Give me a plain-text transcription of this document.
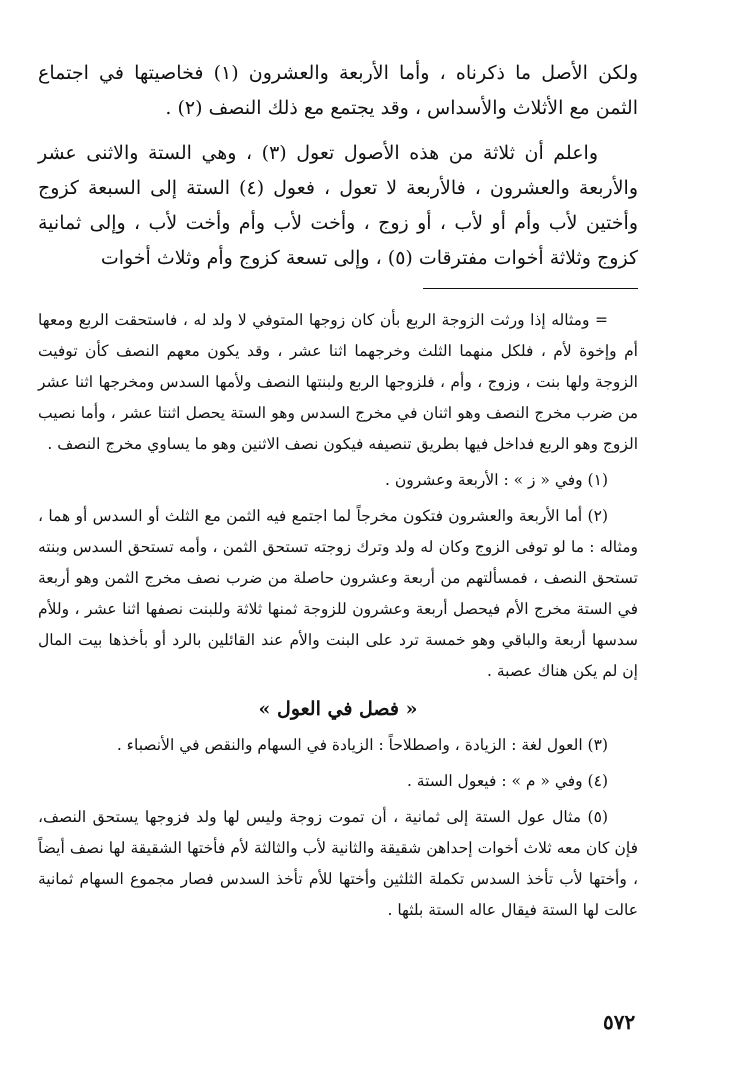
ولكن الأصل ما ذكرناه ، وأما الأربعة والعشرون (١) فخاصيتها في اجتماع الثمن مع الأثلاث والأسداس ، وقد يجتمع مع ذلك النصف (٢) .

واعلم أن ثلاثة من هذه الأصول تعول (٣) ، وهي الستة والاثنى عشر والأربعة والعشرون ، فالأربعة لا تعول ، فعول (٤) الستة إلى السبعة كزوج وأختين لأب وأم أو لأب ، أو زوج ، وأخت لأب وأم وأخت لأب ، وإلى ثمانية كزوج وثلاثة أخوات مفترقات (٥) ، وإلى تسعة كزوج وأم وثلاث أخوات

= ومثاله إذا ورثت الزوجة الربع بأن كان زوجها المتوفي لا ولد له ، فاستحقت الربع ومعها أم وإخوة لأم ، فلكل منهما الثلث وخرجهما اثنا عشر ، وقد يكون معهم النصف كأن توفيت الزوجة ولها بنت ، وزوج ، وأم ، فلزوجها الربع ولبنتها النصف ولأمها السدس ومخرجها اثنا عشر من ضرب مخرج النصف وهو اثنان في مخرج السدس وهو الستة يحصل اثنتا عشر ، وأما نصيب الزوج وهو الربع فداخل فيها بطريق تنصيفه فيكون نصف الاثنين وهو ما يساوي مخرج النصف .

(١) وفي « ز » : الأربعة وعشرون .

(٢) أما الأربعة والعشرون فتكون مخرجاً لما اجتمع فيه الثمن مع الثلث أو السدس أو هما ، ومثاله : ما لو توفى الزوج وكان له ولد وترك زوجته تستحق الثمن ، وأمه تستحق السدس وبنته تستحق النصف ، فمسألتهم من أربعة وعشرون حاصلة من ضرب نصف مخرج الثمن وهو أربعة في الستة مخرج الأم فيحصل أربعة وعشرون للزوجة ثمنها ثلاثة وللبنت نصفها اثنا عشر ، وللأم سدسها أربعة والباقي وهو خمسة ترد على البنت والأم عند القائلين بالرد أو بأخذها بيت المال إن لم يكن هناك عصبة .

« فصل في العول »

(٣) العول لغة : الزيادة ، واصطلاحاً : الزيادة في السهام والنقص في الأنصباء .

(٤) وفي « م » : فيعول الستة .

(٥) مثال عول الستة إلى ثمانية ، أن تموت زوجة وليس لها ولد فزوجها يستحق النصف، فإن كان معه ثلاث أخوات إحداهن شقيقة والثانية لأب والثالثة لأم فأختها الشقيقة لها نصف أيضاً ، وأختها لأب تأخذ السدس تكملة الثلثين وأختها للأم تأخذ السدس فصار مجموع السهام ثمانية عالت لها الستة فيقال عاله الستة بلثها .

٥٧٢
